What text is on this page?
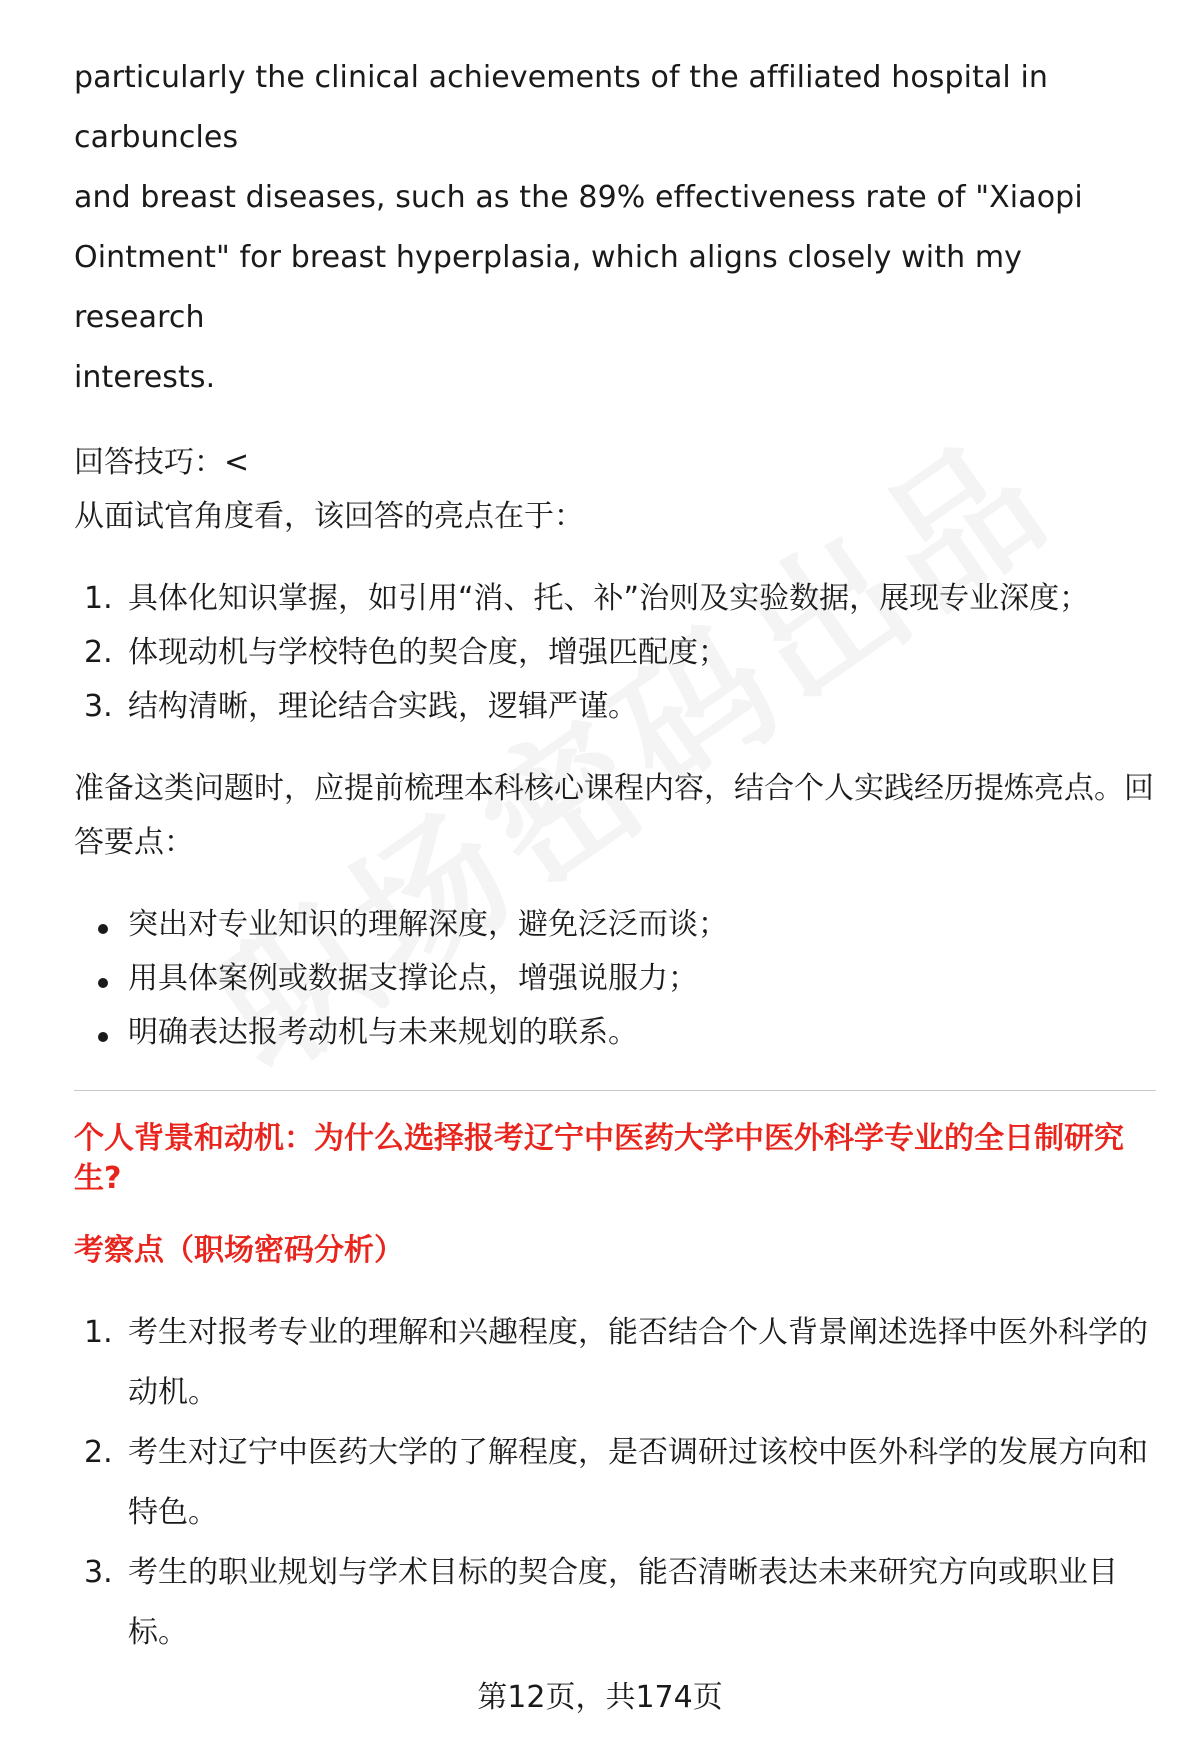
particularly the clinical achievements of the affiliated hospital in carbuncles

and breast diseases, such as the 89% effectiveness rate of "Xiaopi

Ointment" for breast hyperplasia, which aligns closely with my research

interests.

回答技巧：<

从面试官角度看，该回答的亮点在于：

1. 具体化知识掌握，如引用“消、托、补”治则及实验数据，展现专业深度；
2. 体现动机与学校特色的契合度，增强匹配度；
3. 结构清晰，理论结合实践，逻辑严谨。

准备这类问题时，应提前梳理本科核心课程内容，结合个人实践经历提炼亮点。回

答要点：

突出对专业知识的理解深度，避免泛泛而谈；
用具体案例或数据支撑论点，增强说服力；
明确表达报考动机与未来规划的联系。

个人背景和动机：为什么选择报考辽宁中医药大学中医外科学专业的全日制研究

生?

考察点（职场密码分析）

1. 考生对报考专业的理解和兴趣程度，能否结合个人背景阐述选择中医外科学的
动机。
2. 考生对辽宁中医药大学的了解程度，是否调研过该校中医外科学的发展方向和
特色。
3. 考生的职业规划与学术目标的契合度，能否清晰表达未来研究方向或职业目
标。
第12页，共174页
